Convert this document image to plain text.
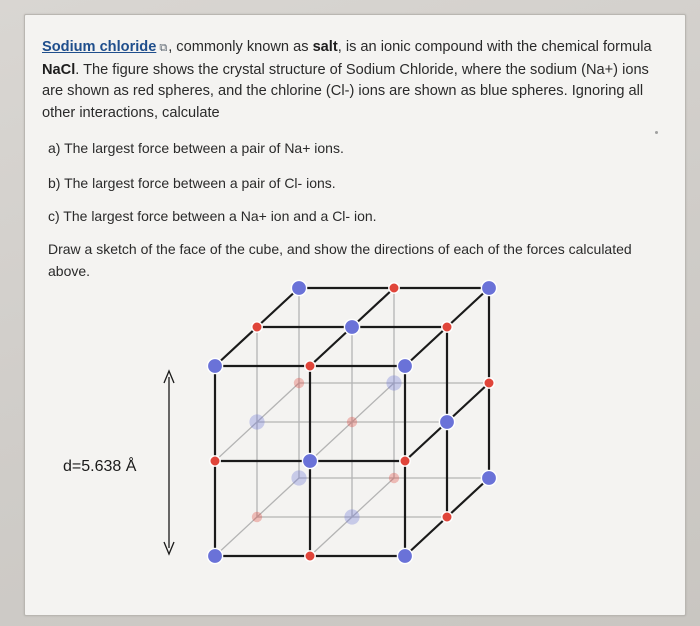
Sodium chloride ⧉, commonly known as salt, is an ionic compound with the chemical formula NaCl. The figure shows the crystal structure of Sodium Chloride, where the sodium (Na+) ions are shown as red spheres, and the chlorine (Cl-) ions are shown as blue spheres. Ignoring all other interactions, calculate

a) The largest force between a pair of Na+ ions.

b) The largest force between a pair of Cl- ions.

c) The largest force between a Na+ ion and a Cl- ion.

Draw a sketch of the face of the cube, and show the directions of each of the forces calculated above.

d=5.638 Å
